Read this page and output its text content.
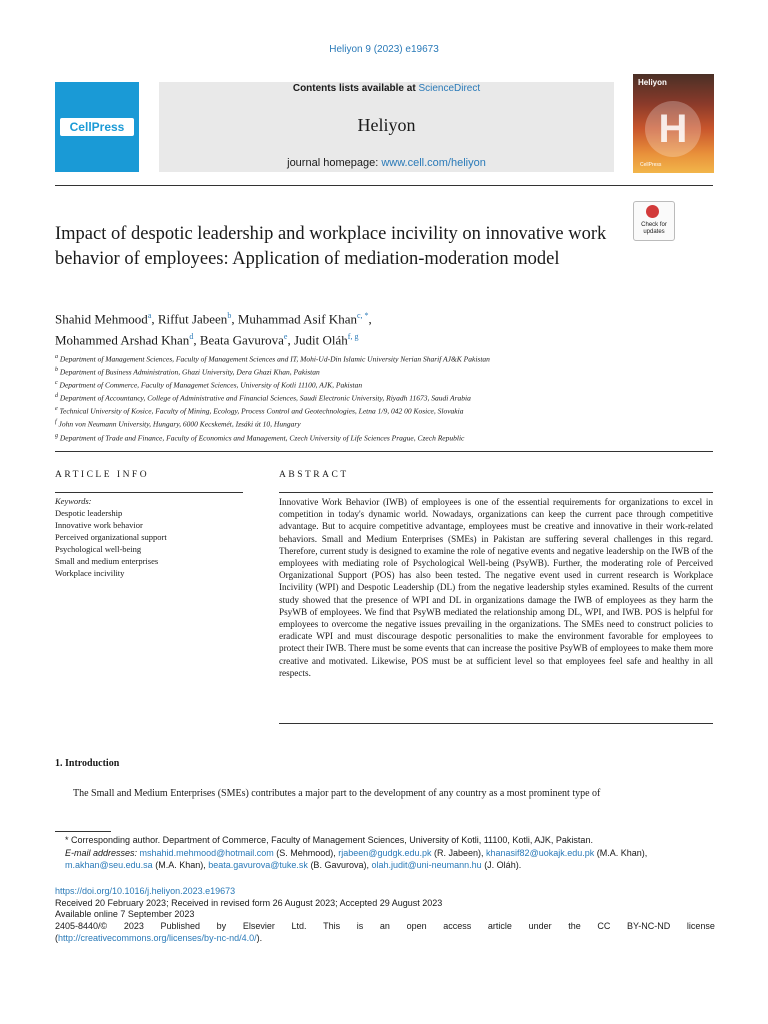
Heliyon 9 (2023) e19673
CellPress
Contents lists available at ScienceDirect
Heliyon
journal homepage: www.cell.com/heliyon
Heliyon
H
CellPress
Check for
updates
Impact of despotic leadership and workplace incivility on innovative work behavior of employees: Application of mediation-moderation model
Shahid Mehmood$^a$, Riffut Jabeen$^b$, Muhammad Asif Khan$^{c, *}$,
Mohammed Arshad Khan$^d$, Beata Gavurova$^e$, Judit Oláh$^{f, g}$
$^a$ Department of Management Sciences, Faculty of Management Sciences and IT, Mohi-Ud-Din Islamic University Nerian Sharif AJ&K Pakistan
$^b$ Department of Business Administration, Ghazi University, Dera Ghazi Khan, Pakistan
$^c$ Department of Commerce, Faculty of Managemet Sciences, University of Kotli 11100, AJK, Pakistan
$^d$ Department of Accountancy, College of Administrative and Financial Sciences, Saudi Electronic University, Riyadh 11673, Saudi Arabia
$^e$ Technical University of Kosice, Faculty of Mining, Ecology, Process Control and Geotechnologies, Letna 1/9, 042 00 Kosice, Slovakia
$^f$ John von Neumann University, Hungary, 6000 Kecskemét, Izsáki út 10, Hungary
$^g$ Department of Trade and Finance, Faculty of Economics and Management, Czech University of Life Sciences Prague, Czech Republic
ARTICLE INFO	ABSTRACT
Keywords:
Despotic leadership
Innovative work behavior
Perceived organizational support
Psychological well-being
Small and medium enterprises
Workplace incivility
Innovative Work Behavior (IWB) of employees is one of the essential requirements for organizations to excel in competition in today's dynamic world. Nowadays, organizations can keep the current pace through competitive advantage. But to acquire competitive advantage, employees must be creative and innovative in their work-related behaviors. Small and Medium Enterprises (SMEs) in Pakistan are suffering several challenges in this regard. Therefore, current study is designed to examine the role of negative events and negative leadership on the IWB of the employees with mediating role of Psychological Well-being (PsyWB). Further, the moderating role of Perceived Organizational Support (POS) has also been tested. The negative event used in current research is Workplace Incivility (WPI) and Despotic Leadership (DL) from the negative leadership styles examined. Results of the current study showed that the presence of WPI and DL in organizations damage the IWB of employees as they harm the PsyWB of employees. We find that PsyWB mediated the relationship among DL, WPI, and IWB. POS is helpful for employees to overcome the negative issues prevailing in the organizations. The SMEs need to construct policies to eradicate WPI and must discourage despotic personalities to make the environment favorable for employees to protect their IWB. There must be some events that can increase the positive PsyWB of employees to make them more creative and motivated. Likewise, POS must be at sufficient level so that employees feel safe and healthy in all respects.
1. Introduction
The Small and Medium Enterprises (SMEs) contributes a major part to the development of any country as a most prominent type of
* Corresponding author. Department of Commerce, Faculty of Management Sciences, University of Kotli, 11100, Kotli, AJK, Pakistan.
E-mail addresses: mshahid.mehmood@hotmail.com (S. Mehmood), rjabeen@gudgk.edu.pk (R. Jabeen), khanasif82@uokajk.edu.pk (M.A. Khan),
m.akhan@seu.edu.sa (M.A. Khan), beata.gavurova@tuke.sk (B. Gavurova), olah.judit@uni-neumann.hu (J. Oláh).
https://doi.org/10.1016/j.heliyon.2023.e19673
Received 20 February 2023; Received in revised form 26 August 2023; Accepted 29 August 2023
Available online 7 September 2023
2405-8440/© 2023 Published by Elsevier Ltd. This is an open access article under the CC BY-NC-ND license
(http://creativecommons.org/licenses/by-nc-nd/4.0/).
